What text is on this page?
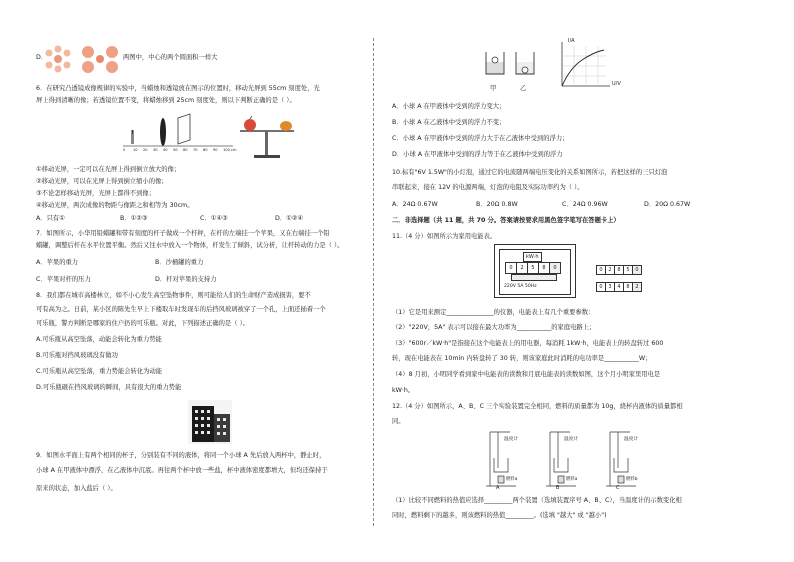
D．	两图中，中心的两个圆面积一样大
6．在研究凸透镜成像规律的实验中，当蜡烛和透镜放在图示的位置时，移动光屏到 55cm 刻度处，光
屏上得到清晰的像；若透镜位置不变，将蜡烛移到 25cm 刻度处，则以下判断正确的是（ ）。
0 10 20 30 40 50 60 70 80 90 100 cm
①移动光屏，一定可以在光屏上得到倒立放大的像；
②移动光屏，可以在光屏上得到倒立缩小的像；
③不论怎样移动光屏，光屏上都得不到像；
④移动光屏，两次成像的物距与像距之和相等为 30cm。
A．只有①	B．①②③	C．①④③	D．①②④
7．如图所示，小华用铅蜡罐和带有刻度的杆子做成一个杆秤，在杆的左端挂一个苹果，又在右端挂一个铅
蜡罐，调整后杆在水平位置平衡。然后又往水中放入一个物体，杆发生了倾斜，试分析，让杆转动的力是（ ）。
A．苹果的重力	B．沙桶罐的重力
C．苹果对杆的压力	D．杆对苹果的支持力
8．我们都在城市高楼林立，如不小心发生高空坠物事件，则可能给人们的生命财产造成损害，要不
可有高为之。日前，某小区的陈先生早上下楼取车时发现车的后挡风玻璃被穿了一个孔，上面还插着一个
可乐瓶，警方判断是哪家的住户扔的可乐瓶。对此，下列描述正确的是（ ）。
A.可乐瓶从高空坠落，动能会转化为重力势能
B.可乐瓶对挡风玻璃没有做功
C.可乐瓶从高空坠落，重力势能会转化为动能
D.可乐瓶砸在挡风玻璃的瞬间，具有很大的重力势能
9．如图水平面上有两个相同的杯子，分别装有不同的液体，将同一个小球 A 先后放入两杯中，静止时，
小球 A 在甲液体中漂浮，在乙液体中沉底。再往两个杯中放一些盐，杯中液体密度都增大，但均还保持于
原来的状态，加入盐后（ ）。
甲	乙
I/A
U/V
A．小球 A 在甲液体中受到的浮力变大；
B．小球 A 在乙液体中受到的浮力不变；
C．小球 A 在甲液体中受到的浮力大于在乙液体中受到的浮力；
D．小球 A 在甲液体中受到的浮力等于在乙液体中受到的浮力
10.标有"6V 1.5W"的小灯泡，通过它的电流随两端电压变化的关系如图所示，若把这样的三只灯泡
串联起来，接在 12V 的电源两端，灯泡的电阻及实际功率约为（ ）。
A．24Ω 0.67W	B．20Ω 0.8W	C．24Ω 0.96W	D．20Ω 0.67W
二．非选择题（共 11 题，共 70 分。答案请按要求用黑色签字笔写在答题卡上）
11.（4 分）如图所示为家用电能表。
kW·h
0	2	5	8	0
220V 5A 50Hz
0	2	8	5	0
0	3	4	8	2
（1）它是用来测定_______________的仪器，电能表上有几个重要参数：
（2）"220V，5A" 表示可以接在最大功率为___________的家庭电路上；
（3）"600r／kW·h"是指接在这个电能表上的用电器，每消耗 1kW·h，电能表上的转盘转过 600
转，现在电能表在 10min 内转盘转了 30 转，则该家庭此时消耗的电功率是___________W；
（4）8 月初，小明同学看到家中电能表的读数和月底电能表的读数如图，这个月小明家里用电是
kW·h。
12.（4 分）如图所示，A、B、C 三个实验装置完全相同，燃料的质量都为 10g，烧杯内液体的质量都相
同。
温度计	温度计	温度计
燃料a	燃料a	燃料b
A	B	C
（1）比较不同燃料的热值应选择_________两个装置（选填装置序号 A、B、C），当温度计的示数变化相
同时，燃料剩下的越多，则该燃料的热值_________。(选填 "越大" 或 "越小")
